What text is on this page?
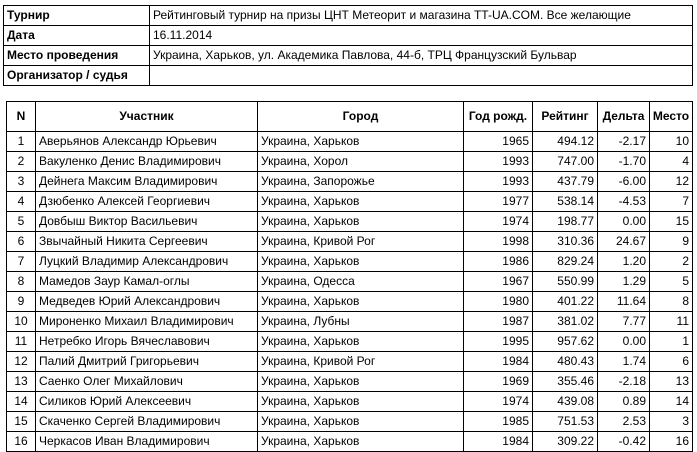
Турнир	Рейтинговый турнир на призы ЦНТ Метеорит и магазина TT-UA.COM. Все желающие
Дата	16.11.2014
Место проведения	Украина, Харьков, ул. Академика Павлова, 44-б, ТРЦ Французский Бульвар
Организатор / судья	
N	Участник	Город	Год рожд.	Рейтинг	Дельта	Место
1	Аверьянов Александр Юрьевич	Украина, Харьков	1965	494.12	-2.17	10
2	Вакуленко Денис Владимирович	Украина, Хорол	1993	747.00	-1.70	4
3	Дейнега Максим Владимирович	Украина, Запорожье	1993	437.79	-6.00	12
4	Дзюбенко Алексей Георгиевич	Украина, Харьков	1977	538.14	-4.53	7
5	Довбыш Виктор Васильевич	Украина, Харьков	1974	198.77	0.00	15
6	Звычайный Никита Сергеевич	Украина, Кривой Рог	1998	310.36	24.67	9
7	Луцкий Владимир Александрович	Украина, Харьков	1986	829.24	1.20	2
8	Мамедов Заур Камал-оглы	Украина, Одесса	1967	550.99	1.29	5
9	Медведев Юрий Александрович	Украина, Харьков	1980	401.22	11.64	8
10	Мироненко Михаил Владимирович	Украина, Лубны	1987	381.02	7.77	11
11	Нетребко Игорь Вячеславович	Украина, Харьков	1995	957.62	0.00	1
12	Палий Дмитрий Григорьевич	Украина, Кривой Рог	1984	480.43	1.74	6
13	Саенко Олег Михайлович	Украина, Харьков	1969	355.46	-2.18	13
14	Силиков Юрий Алексеевич	Украина, Харьков	1974	439.08	0.89	14
15	Скаченко Сергей Владимирович	Украина, Харьков	1985	751.53	2.53	3
16	Черкасов Иван Владимирович	Украина, Харьков	1984	309.22	-0.42	16
